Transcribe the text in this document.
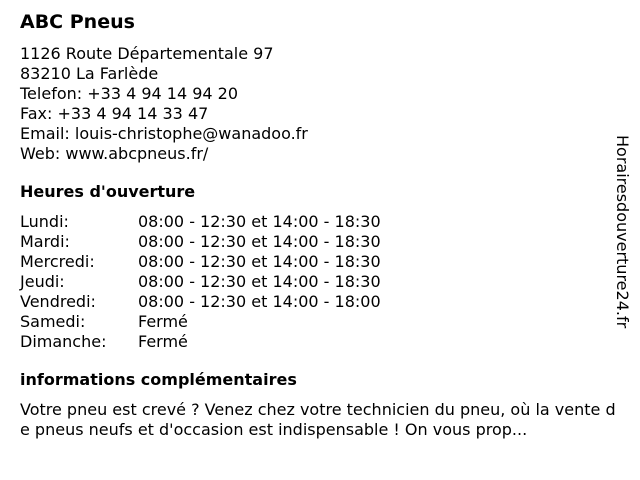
ABC Pneus
1126 Route Départementale 97
83210 La Farlède
Telefon: +33 4 94 14 94 20
Fax: +33 4 94 14 33 47
Email: louis-christophe@wanadoo.fr
Web: www.abcpneus.fr/
Heures d'ouverture
Lundi:	08:00 - 12:30 et 14:00 - 18:30
Mardi:	08:00 - 12:30 et 14:00 - 18:30
Mercredi:	08:00 - 12:30 et 14:00 - 18:30
Jeudi:	08:00 - 12:30 et 14:00 - 18:30
Vendredi:	08:00 - 12:30 et 14:00 - 18:00
Samedi:	Fermé
Dimanche:	Fermé
informations complémentaires
Votre pneu est crevé ? Venez chez votre technicien du pneu, où la vente de pneus neufs et d'occasion est indispensable ! On vous prop...
Horairesdouverture24.fr
